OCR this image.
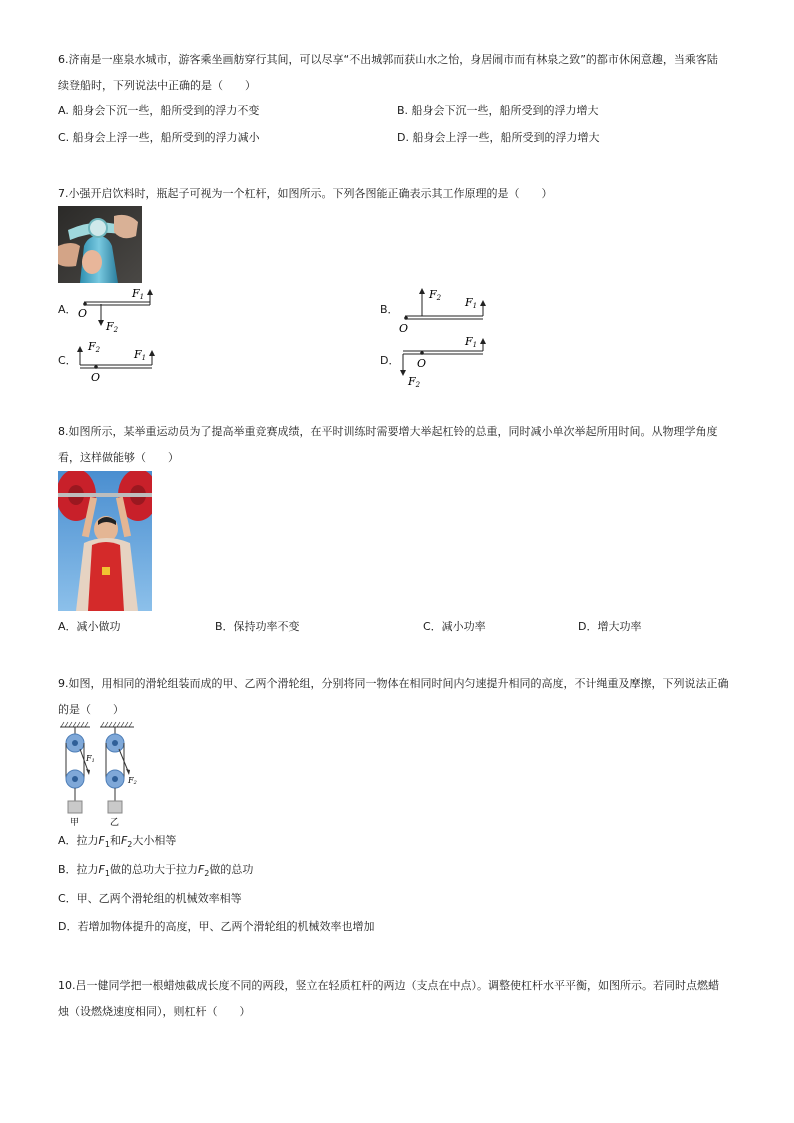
6.济南是一座泉水城市，游客乘坐画舫穿行其间，可以尽享“不出城郭而获山水之怡，身居闹市而有林泉之致”的都市休闲意趣，当乘客陆
续登船时，下列说法中正确的是（　　）
A. 船身会下沉一些，船所受到的浮力不变	B. 船身会下沉一些，船所受到的浮力增大
C. 船身会上浮一些，船所受到的浮力减小	D. 船身会上浮一些，船所受到的浮力增大
7.小强开启饮料时，瓶起子可视为一个杠杆，如图所示。下列各图能正确表示其工作原理的是（　　）
A．
F1
F2
O	B．
F1
F2
O
C．	F1
F2
O
D．
F1
F2
O
8.如图所示，某举重运动员为了提高举重竞赛成绩，在平时训练时需要增大举起杠铃的总重，同时减小单次举起所用时间。从物理学角度
看，这样做能够（　　）
A．减小做功	B．保持功率不变	C．减小功率	D．增大功率
9.如图，用相同的滑轮组装而成的甲、乙两个滑轮组，分别将同一物体在相同时间内匀速提升相同的高度，不计绳重及摩擦，下列说法正确
的是（　　）
F1
甲
F2
乙
A．拉力$F_1$和$F_2$大小相等
B．拉力$F_1$做的总功大于拉力$F_2$做的总功
C．甲、乙两个滑轮组的机械效率相等
D．若增加物体提升的高度，甲、乙两个滑轮组的机械效率也增加
10.吕一健同学把一根蜡烛截成长度不同的两段，竖立在轻质杠杆的两边（支点在中点）。调整使杠杆水平平衡，如图所示。若同时点燃蜡
烛（设燃烧速度相同），则杠杆（　　）
